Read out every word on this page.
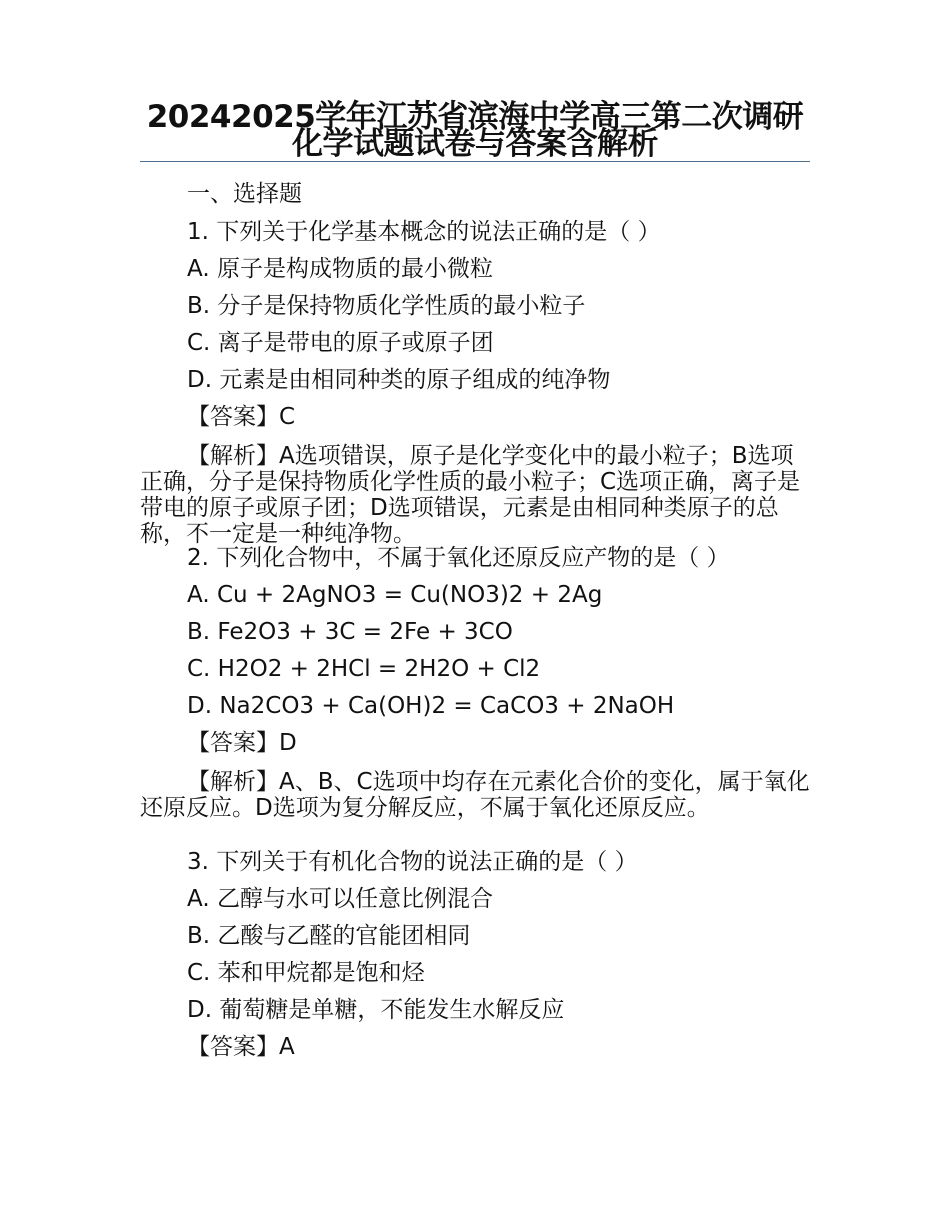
20242025学年江苏省滨海中学高三第二次调研化学试题试卷与答案含解析
一、选择题
1. 下列关于化学基本概念的说法正确的是（ ）
A. 原子是构成物质的最小微粒
B. 分子是保持物质化学性质的最小粒子
C. 离子是带电的原子或原子团
D. 元素是由相同种类的原子组成的纯净物
【答案】C

【解析】A选项错误，原子是化学变化中的最小粒子；B选项正确，分子是保持物质化学性质的最小粒子；C选项正确，离子是带电的原子或原子团；D选项错误，元素是由相同种类原子的总称，不一定是一种纯净物。

2. 下列化合物中，不属于氧化还原反应产物的是（ ）
A. Cu + 2AgNO3 = Cu(NO3)2 + 2Ag
B. Fe2O3 + 3C = 2Fe + 3CO
C. H2O2 + 2HCl = 2H2O + Cl2
D. Na2CO3 + Ca(OH)2 = CaCO3 + 2NaOH
【答案】D

【解析】A、B、C选项中均存在元素化合价的变化，属于氧化还原反应。D选项为复分解反应，不属于氧化还原反应。

3. 下列关于有机化合物的说法正确的是（ ）
A. 乙醇与水可以任意比例混合
B. 乙酸与乙醛的官能团相同
C. 苯和甲烷都是饱和烃
D. 葡萄糖是单糖，不能发生水解反应
【答案】A
